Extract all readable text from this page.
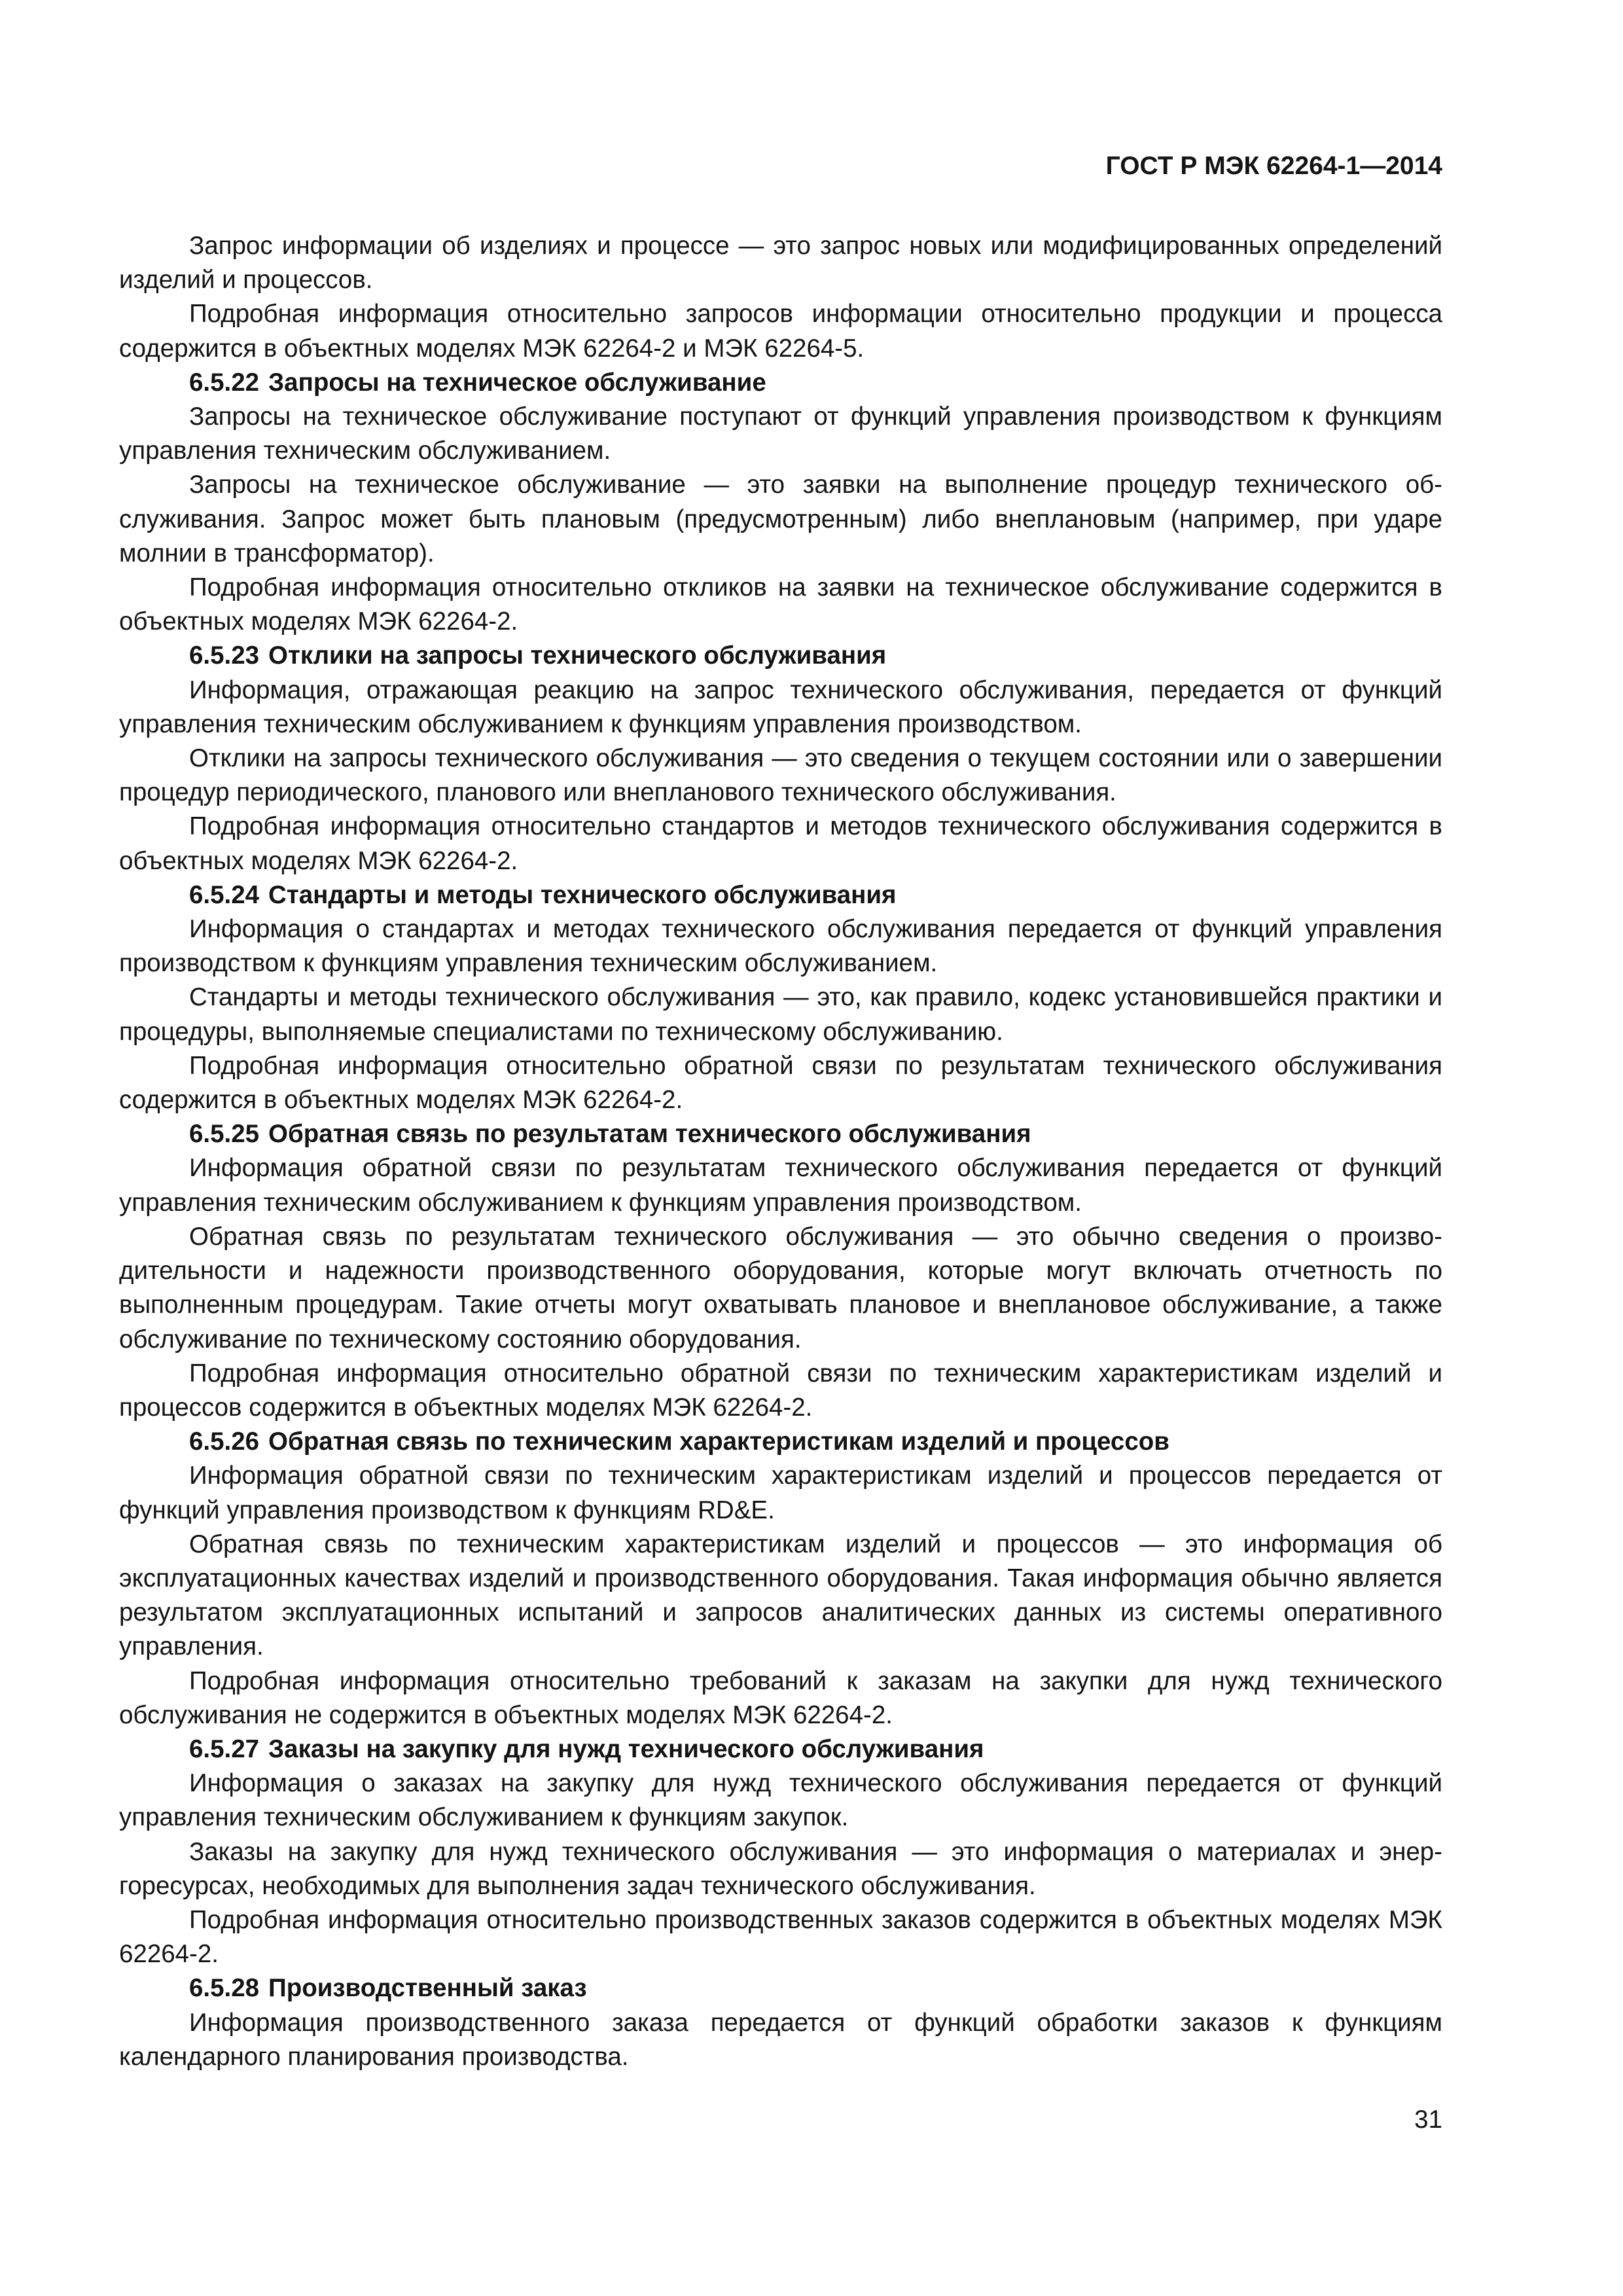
ГОСТ Р МЭК 62264-1—2014

Запрос информации об изделиях и процессе — это запрос новых или модифицированных определений изделий и процессов.

Подробная информация относительно запросов информации относительно продукции и процесса содержится в объектных моделях МЭК 62264-2 и МЭК 62264-5.

6.5.22 Запросы на техническое обслуживание

Запросы на техническое обслуживание поступают от функций управления производством к функциям управления техническим обслуживанием.

Запросы на техническое обслуживание — это заявки на выполнение процедур технического обслуживания. Запрос может быть плановым (предусмотренным) либо внеплановым (например, при ударе молнии в трансформатор).

Подробная информация относительно откликов на заявки на техническое обслуживание содержится в объектных моделях МЭК 62264-2.

6.5.23 Отклики на запросы технического обслуживания

Информация, отражающая реакцию на запрос технического обслуживания, передается от функций управления техническим обслуживанием к функциям управления производством.

Отклики на запросы технического обслуживания — это сведения о текущем состоянии или о завершении процедур периодического, планового или внепланового технического обслуживания.

Подробная информация относительно стандартов и методов технического обслуживания содержится в объектных моделях МЭК 62264-2.

6.5.24 Стандарты и методы технического обслуживания

Информация о стандартах и методах технического обслуживания передается от функций управления производством к функциям управления техническим обслуживанием.

Стандарты и методы технического обслуживания — это, как правило, кодекс установившейся практики и процедуры, выполняемые специалистами по техническому обслуживанию.

Подробная информация относительно обратной связи по результатам технического обслуживания содержится в объектных моделях МЭК 62264-2.

6.5.25 Обратная связь по результатам технического обслуживания

Информация обратной связи по результатам технического обслуживания передается от функций управления техническим обслуживанием к функциям управления производством.

Обратная связь по результатам технического обслуживания — это обычно сведения о производительности и надежности производственного оборудования, которые могут включать отчетность по выполненным процедурам. Такие отчеты могут охватывать плановое и внеплановое обслуживание, а также обслуживание по техническому состоянию оборудования.

Подробная информация относительно обратной связи по техническим характеристикам изделий и процессов содержится в объектных моделях МЭК 62264-2.

6.5.26 Обратная связь по техническим характеристикам изделий и процессов

Информация обратной связи по техническим характеристикам изделий и процессов передается от функций управления производством к функциям RD&E.

Обратная связь по техническим характеристикам изделий и процессов — это информация об эксплуатационных качествах изделий и производственного оборудования. Такая информация обычно является результатом эксплуатационных испытаний и запросов аналитических данных из системы оперативного управления.

Подробная информация относительно требований к заказам на закупки для нужд технического обслуживания не содержится в объектных моделях МЭК 62264-2.

6.5.27 Заказы на закупку для нужд технического обслуживания

Информация о заказах на закупку для нужд технического обслуживания передается от функций управления техническим обслуживанием к функциям закупок.

Заказы на закупку для нужд технического обслуживания — это информация о материалах и энергоресурсах, необходимых для выполнения задач технического обслуживания.

Подробная информация относительно производственных заказов содержится в объектных моделях МЭК 62264-2.

6.5.28 Производственный заказ

Информация производственного заказа передается от функций обработки заказов к функциям календарного планирования производства.

31
